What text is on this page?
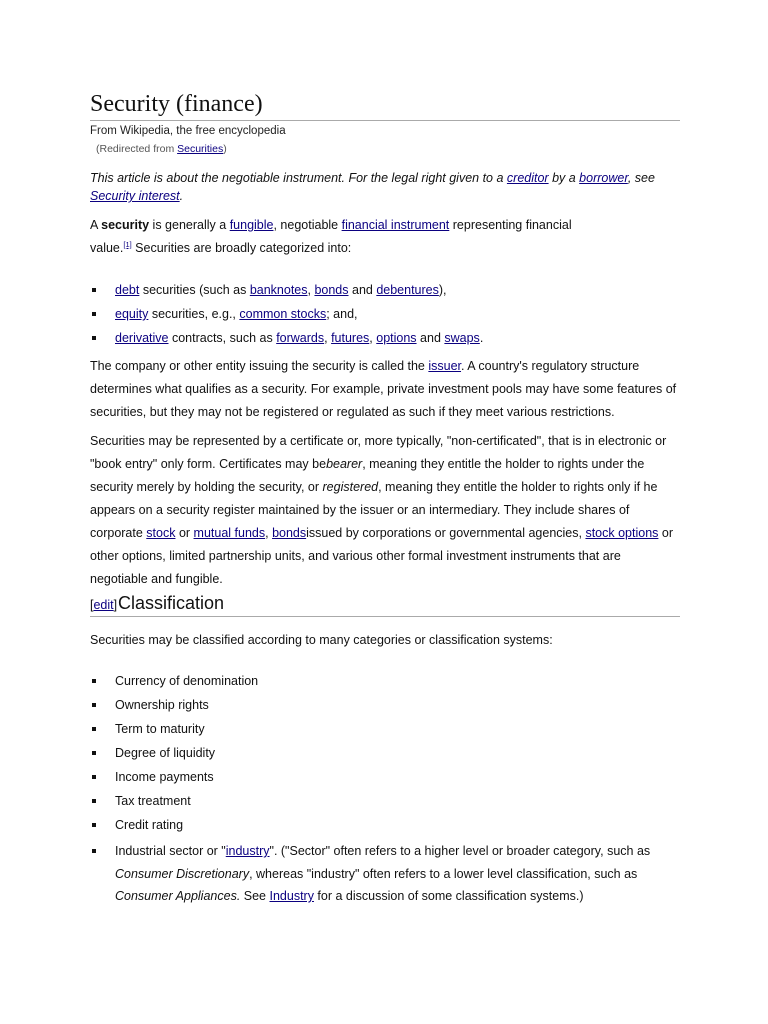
Security (finance)
From Wikipedia, the free encyclopedia
(Redirected from Securities)

This article is about the negotiable instrument. For the legal right given to a creditor by a borrower, see Security interest.

A security is generally a fungible, negotiable financial instrument representing financial value.[1] Securities are broadly categorized into:

debt securities (such as banknotes, bonds and debentures),
equity securities, e.g., common stocks; and,
derivative contracts, such as forwards, futures, options and swaps.

The company or other entity issuing the security is called the issuer. A country's regulatory structure determines what qualifies as a security. For example, private investment pools may have some features of securities, but they may not be registered or regulated as such if they meet various restrictions.

Securities may be represented by a certificate or, more typically, "non-certificated", that is in electronic or "book entry" only form. Certificates may bebearer, meaning they entitle the holder to rights under the security merely by holding the security, or registered, meaning they entitle the holder to rights only if he appears on a security register maintained by the issuer or an intermediary. They include shares of corporate stock or mutual funds, bondsissued by corporations or governmental agencies, stock options or other options, limited partnership units, and various other formal investment instruments that are negotiable and fungible.

[edit] Classification

Securities may be classified according to many categories or classification systems:

Currency of denomination
Ownership rights
Term to maturity
Degree of liquidity
Income payments
Tax treatment
Credit rating
Industrial sector or "industry". ("Sector" often refers to a higher level or broader category, such as Consumer Discretionary, whereas "industry" often refers to a lower level classification, such as Consumer Appliances. See Industry for a discussion of some classification systems.)
